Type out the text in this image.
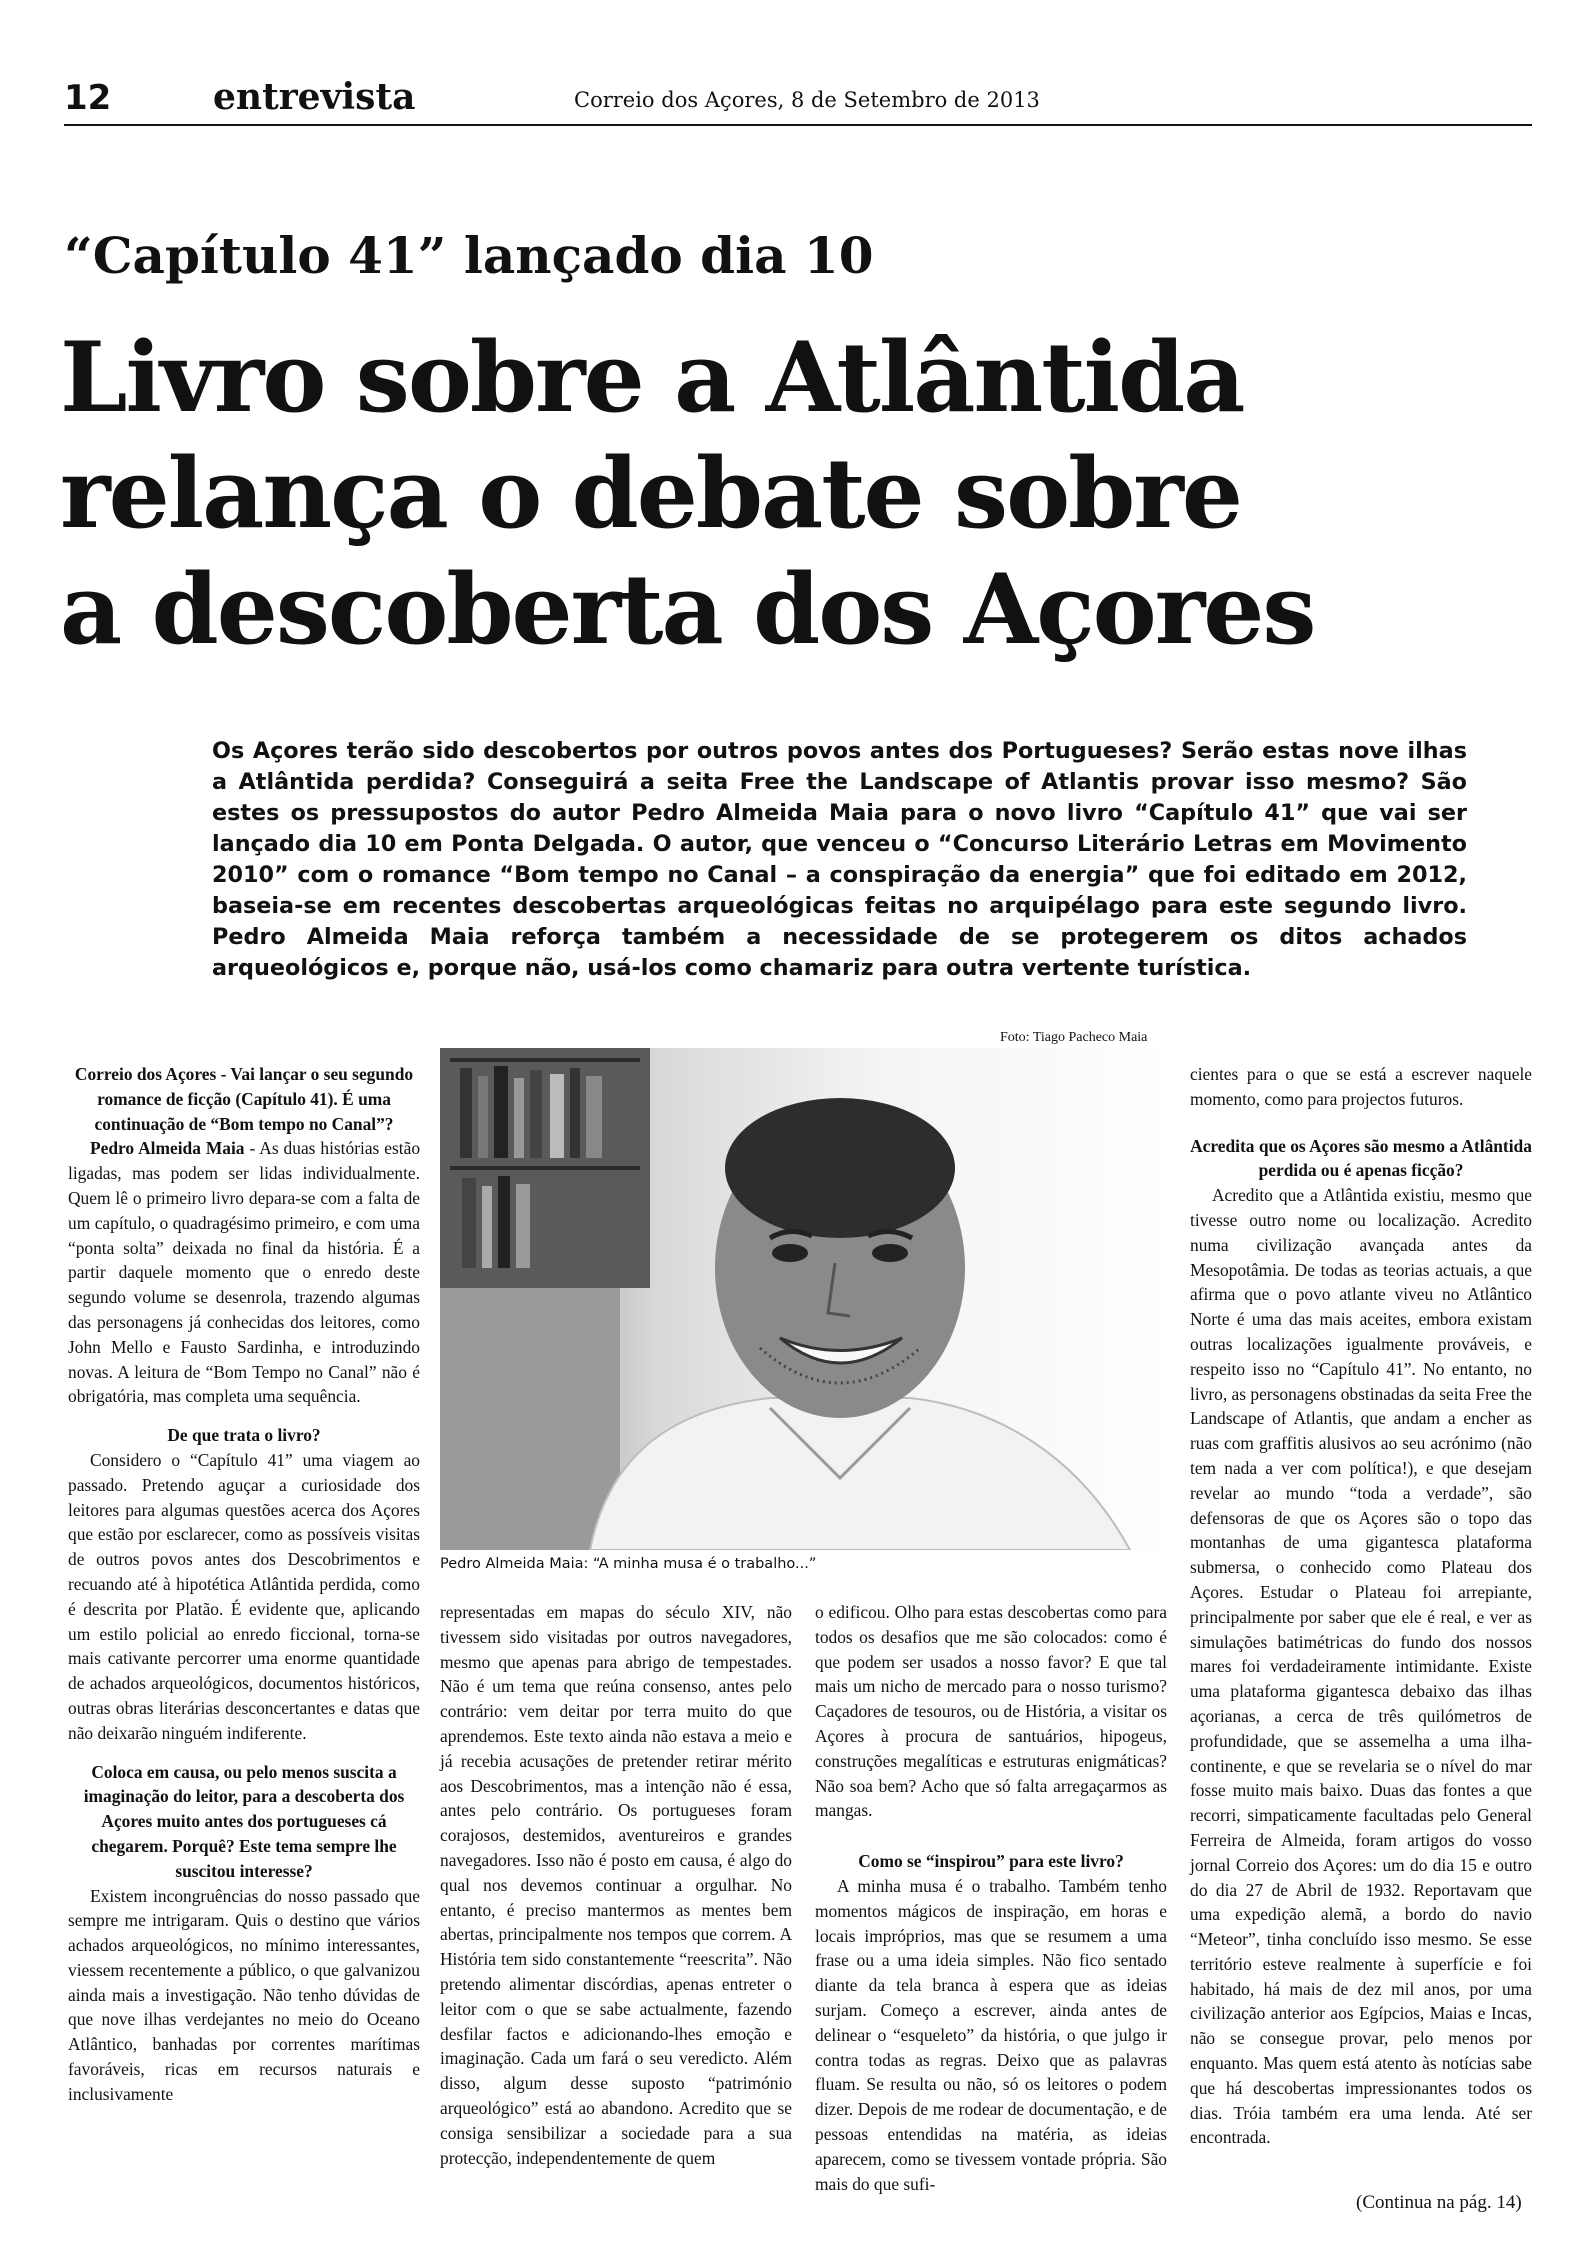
12	entrevista	Correio dos Açores, 8 de Setembro de 2013
“Capítulo 41” lançado dia 10
Livro sobre a Atlântida
relança o debate sobre
a descoberta dos Açores
Os Açores terão sido descobertos por outros povos antes dos Portugueses? Serão estas nove ilhas a Atlântida perdida? Conseguirá a seita Free the Landscape of Atlantis provar isso mesmo? São estes os pressupostos do autor Pedro Almeida Maia para o novo livro “Capítulo 41” que vai ser lançado dia 10 em Ponta Delgada. O autor, que venceu o “Concurso Literário Letras em Movimento 2010” com o romance “Bom tempo no Canal – a conspiração da energia” que foi editado em 2012, baseia-se em recentes descobertas arqueológicas feitas no arquipélago para este segundo livro. Pedro Almeida Maia reforça também a necessidade de se protegerem os ditos achados arqueológicos e, porque não, usá-los como chamariz para outra vertente turística.
Foto: Tiago Pacheco Maia
Pedro Almeida Maia: “A minha musa é o trabalho...”

Correio dos Açores - Vai lançar o seu segundo romance de ficção (Capítulo 41). É uma continuação de “Bom tempo no Canal”?

Pedro Almeida Maia - As duas histórias estão ligadas, mas podem ser lidas individualmente. Quem lê o primeiro livro depara-se com a falta de um capítulo, o quadragésimo primeiro, e com uma “ponta solta” deixada no final da história. É a partir daquele momento que o enredo deste segundo volume se desenrola, trazendo algumas das personagens já conhecidas dos leitores, como John Mello e Fausto Sardinha, e introduzindo novas. A leitura de “Bom Tempo no Canal” não é obrigatória, mas completa uma sequência.

De que trata o livro?

Considero o “Capítulo 41” uma viagem ao passado. Pretendo aguçar a curiosidade dos leitores para algumas questões acerca dos Açores que estão por esclarecer, como as possíveis visitas de outros povos antes dos Descobrimentos e recuando até à hipotética Atlântida perdida, como é descrita por Platão. É evidente que, aplicando um estilo policial ao enredo ficcional, torna-se mais cativante percorrer uma enorme quantidade de achados arqueológicos, documentos históricos, outras obras literárias desconcertantes e datas que não deixarão ninguém indiferente.

Coloca em causa, ou pelo menos suscita a imaginação do leitor, para a descoberta dos Açores muito antes dos portugueses cá chegarem. Porquê? Este tema sempre lhe suscitou interesse?

Existem incongruências do nosso passado que sempre me intrigaram. Quis o destino que vários achados arqueológicos, no mínimo interessantes, viessem recentemente a público, o que galvanizou ainda mais a investigação. Não tenho dúvidas de que nove ilhas verdejantes no meio do Oceano Atlântico, banhadas por correntes marítimas favoráveis, ricas em recursos naturais e inclusivamente

representadas em mapas do século XIV, não tivessem sido visitadas por outros navegadores, mesmo que apenas para abrigo de tempestades. Não é um tema que reúna consenso, antes pelo contrário: vem deitar por terra muito do que aprendemos. Este texto ainda não estava a meio e já recebia acusações de pretender retirar mérito aos Descobrimentos, mas a intenção não é essa, antes pelo contrário. Os portugueses foram corajosos, destemidos, aventureiros e grandes navegadores. Isso não é posto em causa, é algo do qual nos devemos continuar a orgulhar. No entanto, é preciso mantermos as mentes bem abertas, principalmente nos tempos que correm. A História tem sido constantemente “reescrita”. Não pretendo alimentar discórdias, apenas entreter o leitor com o que se sabe actualmente, fazendo desfilar factos e adicionando-lhes emoção e imaginação. Cada um fará o seu veredicto. Além disso, algum desse suposto “património arqueológico” está ao abandono. Acredito que se consiga sensibilizar a sociedade para a sua protecção, independentemente de quem

o edificou. Olho para estas descobertas como para todos os desafios que me são colocados: como é que podem ser usados a nosso favor? E que tal mais um nicho de mercado para o nosso turismo? Caçadores de tesouros, ou de História, a visitar os Açores à procura de santuários, hipogeus, construções megalíticas e estruturas enigmáticas? Não soa bem? Acho que só falta arregaçarmos as mangas.

Como se “inspirou” para este livro?

A minha musa é o trabalho. Também tenho momentos mágicos de inspiração, em horas e locais impróprios, mas que se resumem a uma frase ou a uma ideia simples. Não fico sentado diante da tela branca à espera que as ideias surjam. Começo a escrever, ainda antes de delinear o “esqueleto” da história, o que julgo ir contra todas as regras. Deixo que as palavras fluam. Se resulta ou não, só os leitores o podem dizer. Depois de me rodear de documentação, e de pessoas entendidas na matéria, as ideias aparecem, como se tivessem vontade própria. São mais do que sufi-

cientes para o que se está a escrever naquele momento, como para projectos futuros.

Acredita que os Açores são mesmo a Atlântida perdida ou é apenas ficção?

Acredito que a Atlântida existiu, mesmo que tivesse outro nome ou localização. Acredito numa civilização avançada antes da Mesopotâmia. De todas as teorias actuais, a que afirma que o povo atlante viveu no Atlântico Norte é uma das mais aceites, embora existam outras localizações igualmente prováveis, e respeito isso no “Capítulo 41”. No entanto, no livro, as personagens obstinadas da seita Free the Landscape of Atlantis, que andam a encher as ruas com graffitis alusivos ao seu acrónimo (não tem nada a ver com política!), e que desejam revelar ao mundo “toda a verdade”, são defensoras de que os Açores são o topo das montanhas de uma gigantesca plataforma submersa, o conhecido como Plateau dos Açores. Estudar o Plateau foi arrepiante, principalmente por saber que ele é real, e ver as simulações batimétricas do fundo dos nossos mares foi verdadeiramente intimidante. Existe uma plataforma gigantesca debaixo das ilhas açorianas, a cerca de três quilómetros de profundidade, que se assemelha a uma ilha-continente, e que se revelaria se o nível do mar fosse muito mais baixo. Duas das fontes a que recorri, simpaticamente facultadas pelo General Ferreira de Almeida, foram artigos do vosso jornal Correio dos Açores: um do dia 15 e outro do dia 27 de Abril de 1932. Reportavam que uma expedição alemã, a bordo do navio “Meteor”, tinha concluído isso mesmo. Se esse território esteve realmente à superfície e foi habitado, há mais de dez mil anos, por uma civilização anterior aos Egípcios, Maias e Incas, não se consegue provar, pelo menos por enquanto. Mas quem está atento às notícias sabe que há descobertas impressionantes todos os dias. Tróia também era uma lenda. Até ser encontrada.

(Continua na pág. 14)
